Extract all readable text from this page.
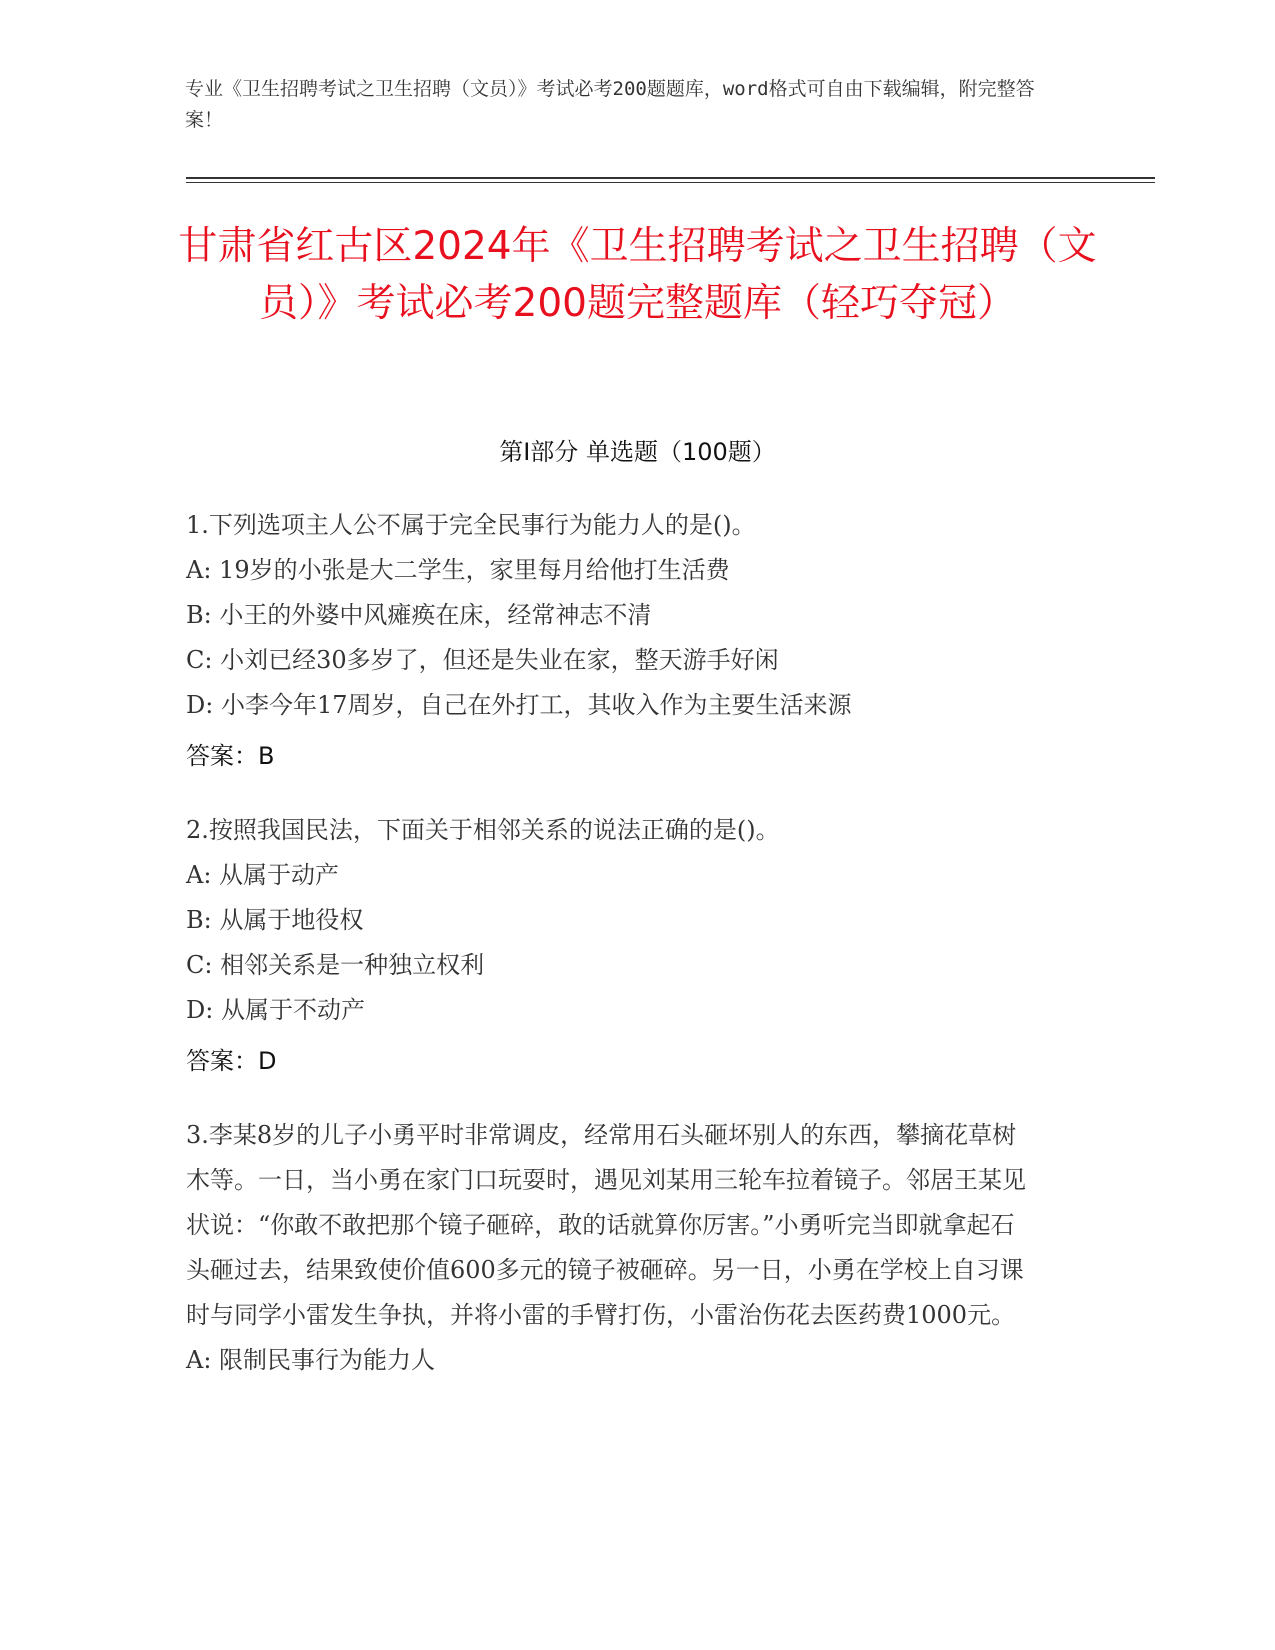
专业《卫生招聘考试之卫生招聘（文员）》考试必考200题题库，word格式可自由下载编辑，附完整答案！
甘肃省红古区2024年《卫生招聘考试之卫生招聘（文员）》考试必考200题完整题库（轻巧夺冠）
第I部分 单选题（100题）
1.下列选项主人公不属于完全民事行为能力人的是()。
A: 19岁的小张是大二学生，家里每月给他打生活费
B: 小王的外婆中风瘫痪在床，经常神志不清
C: 小刘已经30多岁了，但还是失业在家，整天游手好闲
D: 小李今年17周岁，自己在外打工，其收入作为主要生活来源
答案：B
2.按照我国民法，下面关于相邻关系的说法正确的是()。
A: 从属于动产
B: 从属于地役权
C: 相邻关系是一种独立权利
D: 从属于不动产
答案：D
3.李某8岁的儿子小勇平时非常调皮，经常用石头砸坏别人的东西，攀摘花草树木等。一日，当小勇在家门口玩耍时，遇见刘某用三轮车拉着镜子。邻居王某见状说：“你敢不敢把那个镜子砸碎，敢的话就算你厉害。”小勇听完当即就拿起石头砸过去，结果致使价值600多元的镜子被砸碎。另一日，小勇在学校上自习课时与同学小雷发生争执，并将小雷的手臂打伤，小雷治伤花去医药费1000元。
A: 限制民事行为能力人
